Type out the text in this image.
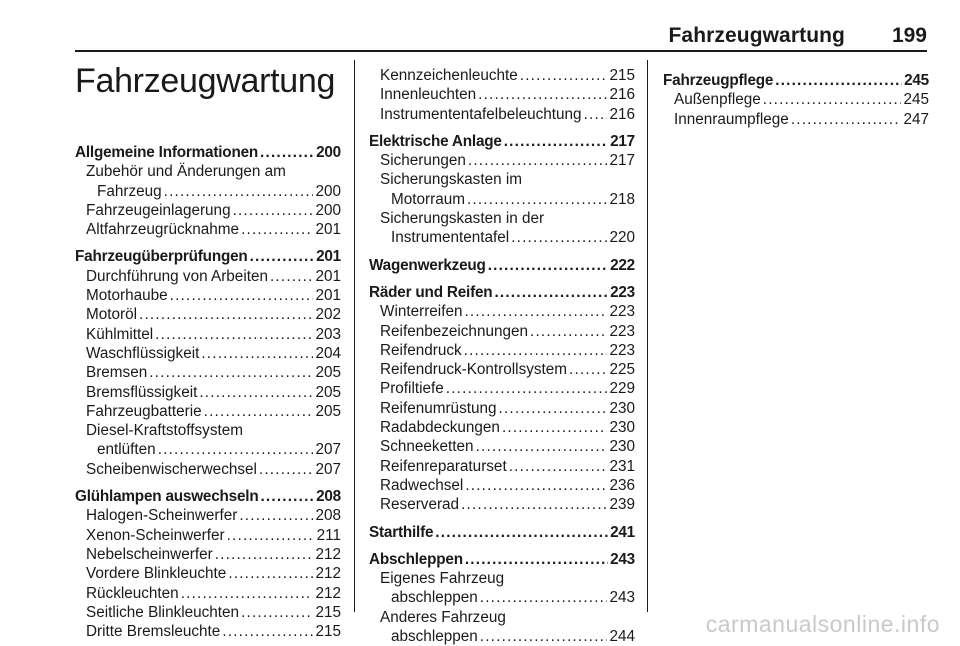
Fahrzeugwartung 199
Fahrzeugwartung
Allgemeine Informationen .....	200
Zubehör und Änderungen am
Fahrzeug .....	200
Fahrzeugeinlagerung .....	200
Altfahrzeugrücknahme .....	201
Fahrzeugüberprüfungen .....	201
Durchführung von Arbeiten .....	201
Motorhaube .....	201
Motoröl .....	202
Kühlmittel .....	203
Waschflüssigkeit .....	204
Bremsen .....	205
Bremsflüssigkeit .....	205
Fahrzeugbatterie .....	205
Diesel-Kraftstoffsystem
entlüften .....	207
Scheibenwischerwechsel .....	207
Glühlampen auswechseln .....	208
Halogen-Scheinwerfer .....	208
Xenon-Scheinwerfer .....	211
Nebelscheinwerfer .....	212
Vordere Blinkleuchte .....	212
Rückleuchten .....	212
Seitliche Blinkleuchten .....	215
Dritte Bremsleuchte .....	215
Kennzeichenleuchte .....	215
Innenleuchten .....	216
Instrumententafelbeleuchtung ..... 216
Elektrische Anlage .....	217
Sicherungen .....	217
Sicherungskasten im
Motorraum .....	218
Sicherungskasten in der
Instrumententafel .....	220
Wagenwerkzeug .....	222
Räder und Reifen .....	223
Winterreifen .....	223
Reifenbezeichnungen .....	223
Reifendruck .....	223
Reifendruck-Kontrollsystem .....	225
Profiltiefe .....	229
Reifenumrüstung .....	230
Radabdeckungen .....	230
Schneeketten .....	230
Reifenreparaturset .....	231
Radwechsel .....	236
Reserverad .....	239
Starthilfe .....	241
Abschleppen .....	243
Eigenes Fahrzeug
abschleppen .....	243
Anderes Fahrzeug
abschleppen .....	244
Fahrzeugpflege .....	245
Außenpflege .....	245
Innenraumpflege .....	247
carmanualsonline.info
